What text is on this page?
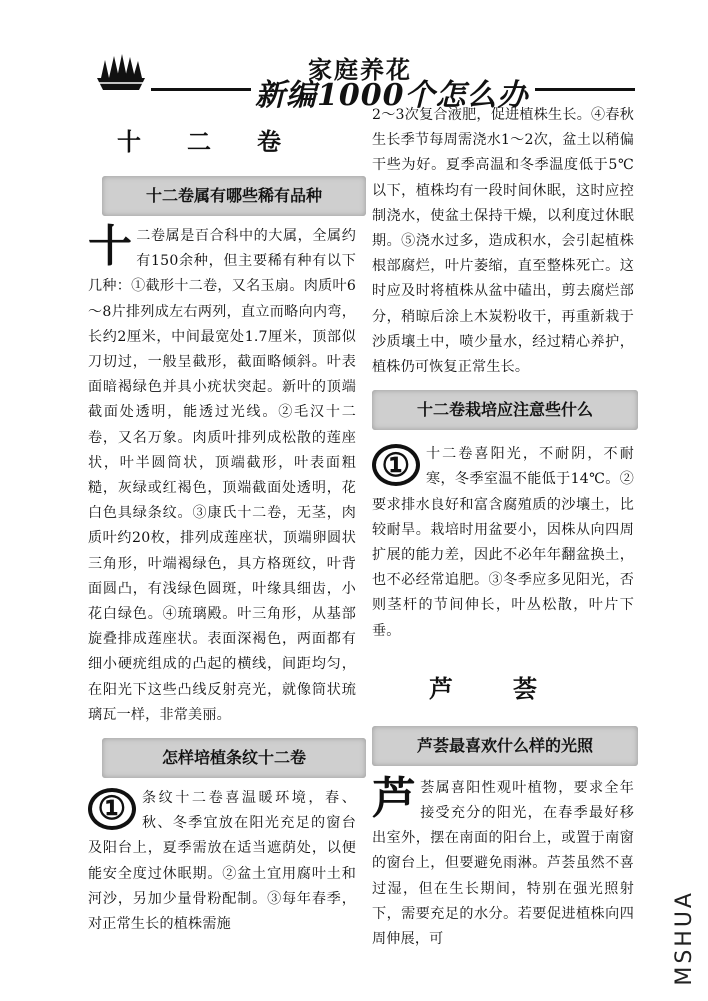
家庭养花
新编1000个怎么办
十二卷
十二卷属有哪些稀有品种
十二卷属是百合科中的大属，全属约有150余种，但主要稀有种有以下几种：①截形十二卷，又名玉扇。肉质叶6～8片排列成左右两列，直立而略向内弯，长约2厘米，中间最宽处1.7厘米，顶部似刀切过，一般呈截形，截面略倾斜。叶表面暗褐绿色并具小疣状突起。新叶的顶端截面处透明，能透过光线。②毛汉十二卷，又名万象。肉质叶排列成松散的莲座状，叶半圆筒状，顶端截形，叶表面粗糙，灰绿或红褐色，顶端截面处透明，花白色具绿条纹。③康氏十二卷，无茎，肉质叶约20枚，排列成莲座状，顶端卵圆状三角形，叶端褐绿色，具方格斑纹，叶背面圆凸，有浅绿色圆斑，叶缘具细齿，小花白绿色。④琉璃殿。叶三角形，从基部旋叠排成莲座状。表面深褐色，两面都有细小硬疣组成的凸起的横线，间距均匀，在阳光下这些凸线反射亮光，就像筒状琉璃瓦一样，非常美丽。
怎样培植条纹十二卷
①	条纹十二卷喜温暖环境，春、秋、冬季宜放在阳光充足的窗台及阳台上，夏季需放在适当遮荫处，以便能安全度过休眠期。②盆土宜用腐叶土和河沙，另加少量骨粉配制。③每年春季，对正常生长的植株需施
2～3次复合液肥，促进植株生长。④春秋生长季节每周需浇水1～2次，盆土以稍偏干些为好。夏季高温和冬季温度低于5℃以下，植株均有一段时间休眠，这时应控制浇水，使盆土保持干燥，以利度过休眠期。⑤浇水过多，造成积水，会引起植株根部腐烂，叶片萎缩，直至整株死亡。这时应及时将植株从盆中磕出，剪去腐烂部分，稍晾后涂上木炭粉收干，再重新栽于沙质壤土中，喷少量水，经过精心养护，植株仍可恢复正常生长。
十二卷栽培应注意些什么
①	十二卷喜阳光，不耐阴，不耐寒，冬季室温不能低于14℃。②要求排水良好和富含腐殖质的沙壤土，比较耐旱。栽培时用盆要小，因株从向四周扩展的能力差，因此不必年年翻盆换土，也不必经常追肥。③冬季应多见阳光，否则茎杆的节间伸长，叶丛松散，叶片下垂。
芦荟
芦荟最喜欢什么样的光照
芦荟属喜阳性观叶植物，要求全年接受充分的阳光，在春季最好移出室外，摆在南面的阳台上，或置于南窗的窗台上，但要避免雨淋。芦荟虽然不喜过湿，但在生长期间，特别在强光照射下，需要充足的水分。若要促进植株向四周伸展，可	MSHUA
